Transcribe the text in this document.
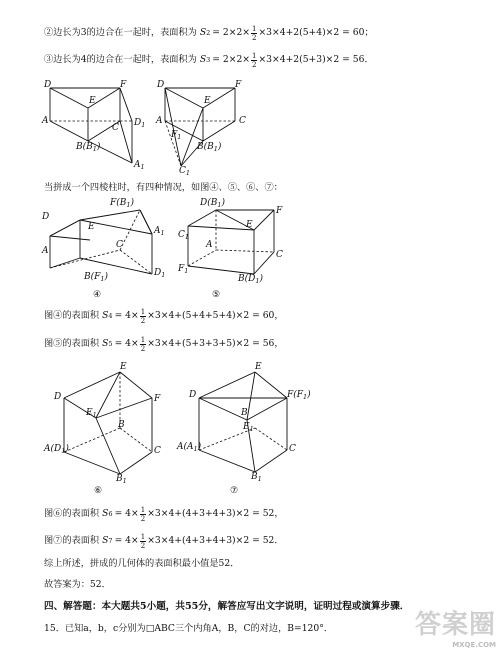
②边长为3的边合在一起时，表面积为 S $2 = 2\times 2\times \frac{1}{2} \times 3\times 4+2(5+4)\times 2 = 60$；
③边长为4的边合在一起时，表面积为 S $3 = 2\times 2\times \frac{1}{2} \times 3\times 4+2(5+3)\times 2 = 56$．
D	F
E
A
C $D_1$
$B(B_1)$
$A_1$
D	F
E
A	C
$F_1$
$B(B_1)$
$C_1$
当拼成一个四棱柱时，有四种情况，如图④、⑤、⑥、⑦：
$F(B_1)$
E
D
$A_1$
C
A
$D_1$
$B(F_1)$
④
$D(B_1)$
F
$C_1$
E
A
C
$F_1$
$B(D_1)$
⑤
图④的表面积 S $4 = 4\times \frac{1}{2} \times 3\times 4+(5+4+5+4)\times 2 = 60$，
图⑤的表面积 S $5 = 4\times \frac{1}{2} \times 3\times 4+(5+3+3+5)\times 2 = 56$，
E
D	F
$E_1$
B
$A(D_1)$	C
$B_1$
⑥
E
D	$F(F_1)$
B
$E_1$
$A(A_1)$	C
$B_1$
⑦
图⑥的表面积 S $6 = 4\times \frac{1}{2} \times 3\times 4+(4+3+4+3)\times 2 = 52$，
图⑦的表面积 S $7 = 4\times \frac{1}{2} \times 3\times 4+(4+3+4+3)\times 2 = 52$．
综上所述，拼成的几何体的表面积最小值是52．
故答案为：52．
四、解答题：本大题共5小题，共55分，解答应写出文字说明，证明过程或演算步骤．
15．已知a，b，c分别为□ABC三个内角A，B，C的对边，B=120°．	答案圈
MXQE.COM
